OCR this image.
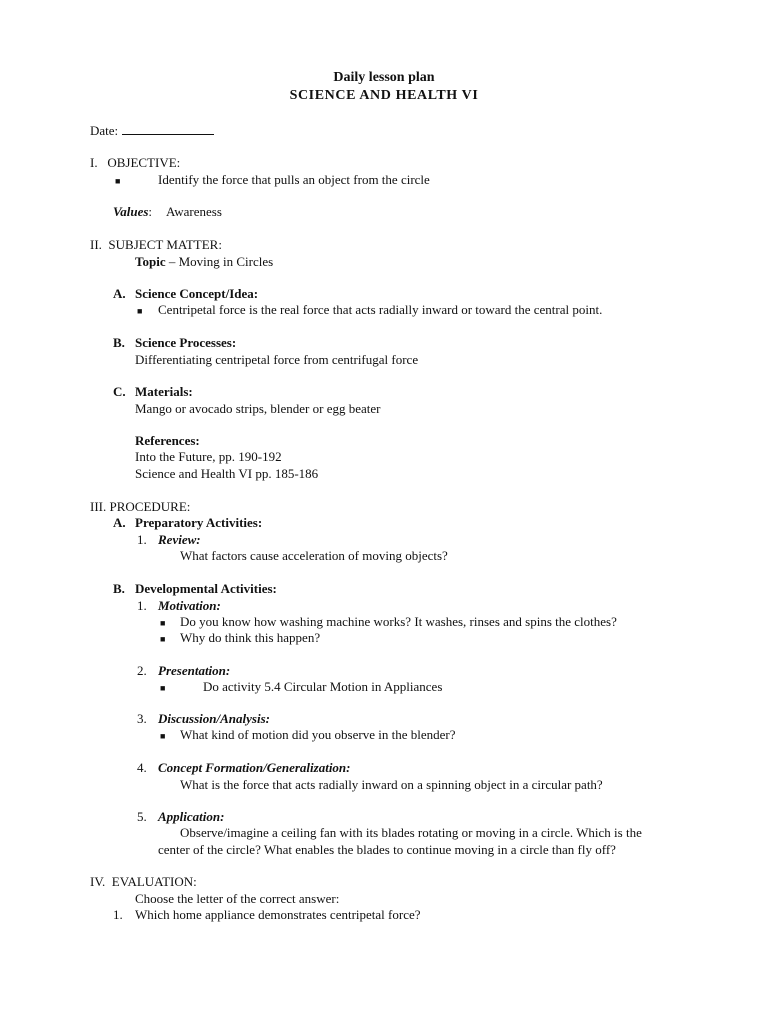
Daily lesson plan
SCIENCE AND HEALTH VI
Date:
I.   OBJECTIVE:
■	Identify the force that pulls an object from the circle
Values: Awareness
II.  SUBJECT MATTER:
Topic – Moving in Circles
A. Science Concept/Idea:
■ Centripetal force is the real force that acts radially inward or toward the central point.
B. Science Processes:
Differentiating centripetal force from centrifugal force
C. Materials:
Mango or avocado strips, blender or egg beater
References:
Into the Future, pp. 190-192
Science and Health VI pp. 185-186
III. PROCEDURE:
A. Preparatory Activities:
1. Review:
What factors cause acceleration of moving objects?
B. Developmental Activities:
1. Motivation:
■ Do you know how washing machine works? It washes, rinses and spins the clothes?
■ Why do think this happen?
2. Presentation:
■	Do activity 5.4 Circular Motion in Appliances
3. Discussion/Analysis:
■ What kind of motion did you observe in the blender?
4. Concept Formation/Generalization:
What is the force that acts radially inward on a spinning object in a circular path?
5. Application:
Observe/imagine a ceiling fan with its blades rotating or moving in a circle. Which is the
center of the circle? What enables the blades to continue moving in a circle than fly off?
IV.  EVALUATION:
Choose the letter of the correct answer:
1. Which home appliance demonstrates centripetal force?
